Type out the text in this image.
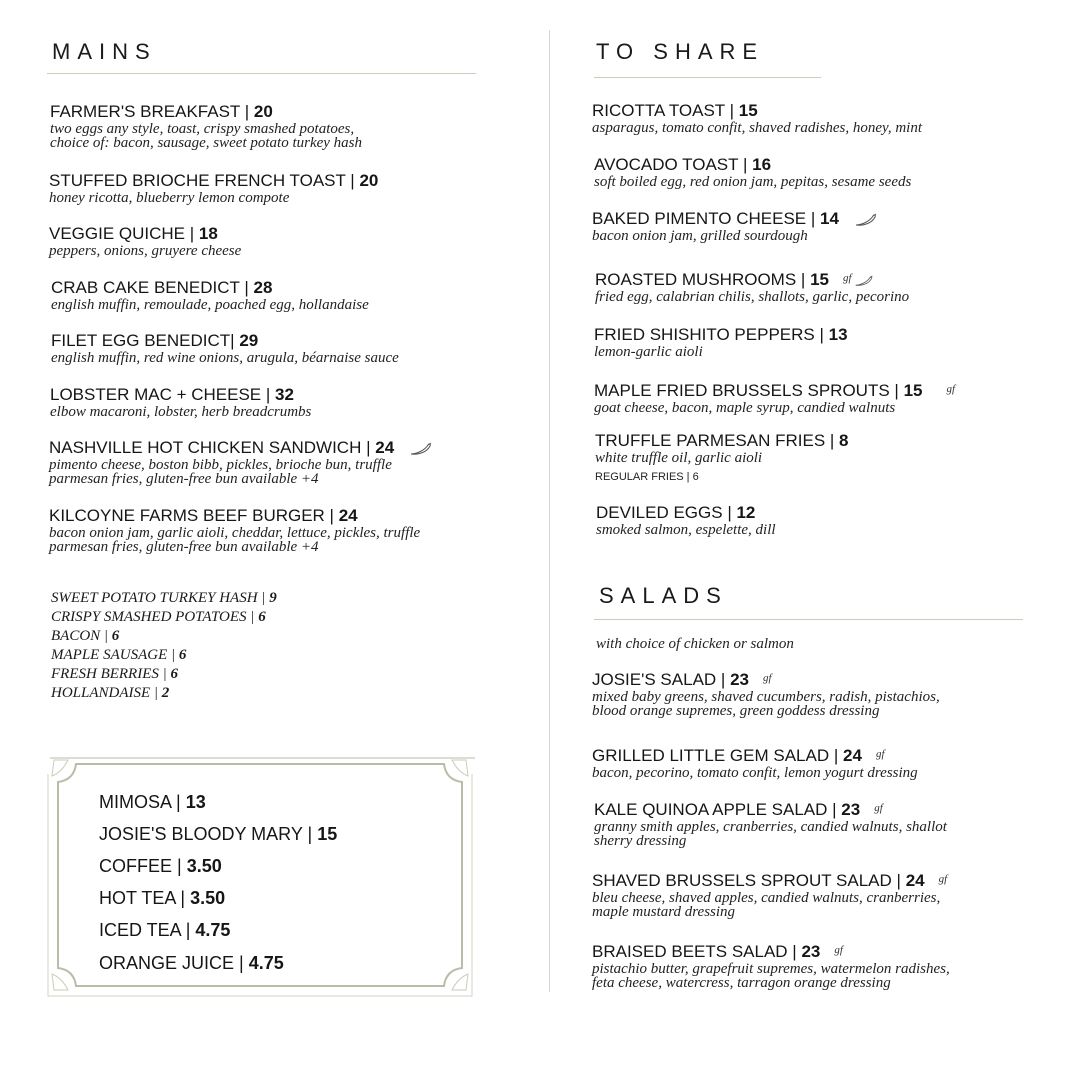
MAINS
FARMER'S BREAKFAST | 20
two eggs any style, toast, crispy smashed potatoes,
choice of: bacon, sausage, sweet potato turkey hash
STUFFED BRIOCHE FRENCH TOAST | 20
honey ricotta, blueberry lemon compote
VEGGIE QUICHE | 18
peppers, onions, gruyere cheese
CRAB CAKE BENEDICT | 28
english muffin, remoulade, poached egg, hollandaise
FILET EGG BENEDICT| 29
english muffin, red wine onions, arugula, béarnaise sauce
LOBSTER MAC + CHEESE | 32
elbow macaroni, lobster, herb breadcrumbs
NASHVILLE HOT CHICKEN SANDWICH | 24
pimento cheese, boston bibb, pickles, brioche bun, truffle
parmesan fries, gluten-free bun available +4
KILCOYNE FARMS BEEF BURGER | 24
bacon onion jam, garlic aioli, cheddar, lettuce, pickles, truffle
parmesan fries, gluten-free bun available +4
SWEET POTATO TURKEY HASH | 9
CRISPY SMASHED POTATOES | 6
BACON | 6
MAPLE SAUSAGE | 6
FRESH BERRIES | 6
HOLLANDAISE | 2
MIMOSA | 13
JOSIE'S BLOODY MARY | 15
COFFEE | 3.50
HOT TEA | 3.50
ICED TEA | 4.75
ORANGE JUICE | 4.75
TO SHARE
RICOTTA TOAST | 15
asparagus, tomato confit, shaved radishes, honey, mint
AVOCADO TOAST | 16
soft boiled egg, red onion jam, pepitas, sesame seeds
BAKED PIMENTO CHEESE | 14
bacon onion jam, grilled sourdough
ROASTED MUSHROOMS | 15 $^{gf}$
fried egg, calabrian chilis, shallots, garlic, pecorino
FRIED SHISHITO PEPPERS | 13
lemon-garlic aioli
MAPLE FRIED BRUSSELS SPROUTS | 15 $^{gf}$
goat cheese, bacon, maple syrup, candied walnuts
TRUFFLE PARMESAN FRIES | 8
white truffle oil, garlic aioli
REGULAR FRIES | 6
DEVILED EGGS | 12
smoked salmon, espelette, dill
SALADS
with choice of chicken or salmon
JOSIE'S SALAD | 23 $^{gf}$
mixed baby greens, shaved cucumbers, radish, pistachios,
blood orange supremes, green goddess dressing
GRILLED LITTLE GEM SALAD | 24 $^{gf}$
bacon, pecorino, tomato confit, lemon yogurt dressing
KALE QUINOA APPLE SALAD | 23 $^{gf}$
granny smith apples, cranberries, candied walnuts, shallot
sherry dressing
SHAVED BRUSSELS SPROUT SALAD | 24 $^{gf}$
bleu cheese, shaved apples, candied walnuts, cranberries,
maple mustard dressing
BRAISED BEETS SALAD | 23 $^{gf}$
pistachio butter, grapefruit supremes, watermelon radishes,
feta cheese, watercress, tarragon orange dressing
